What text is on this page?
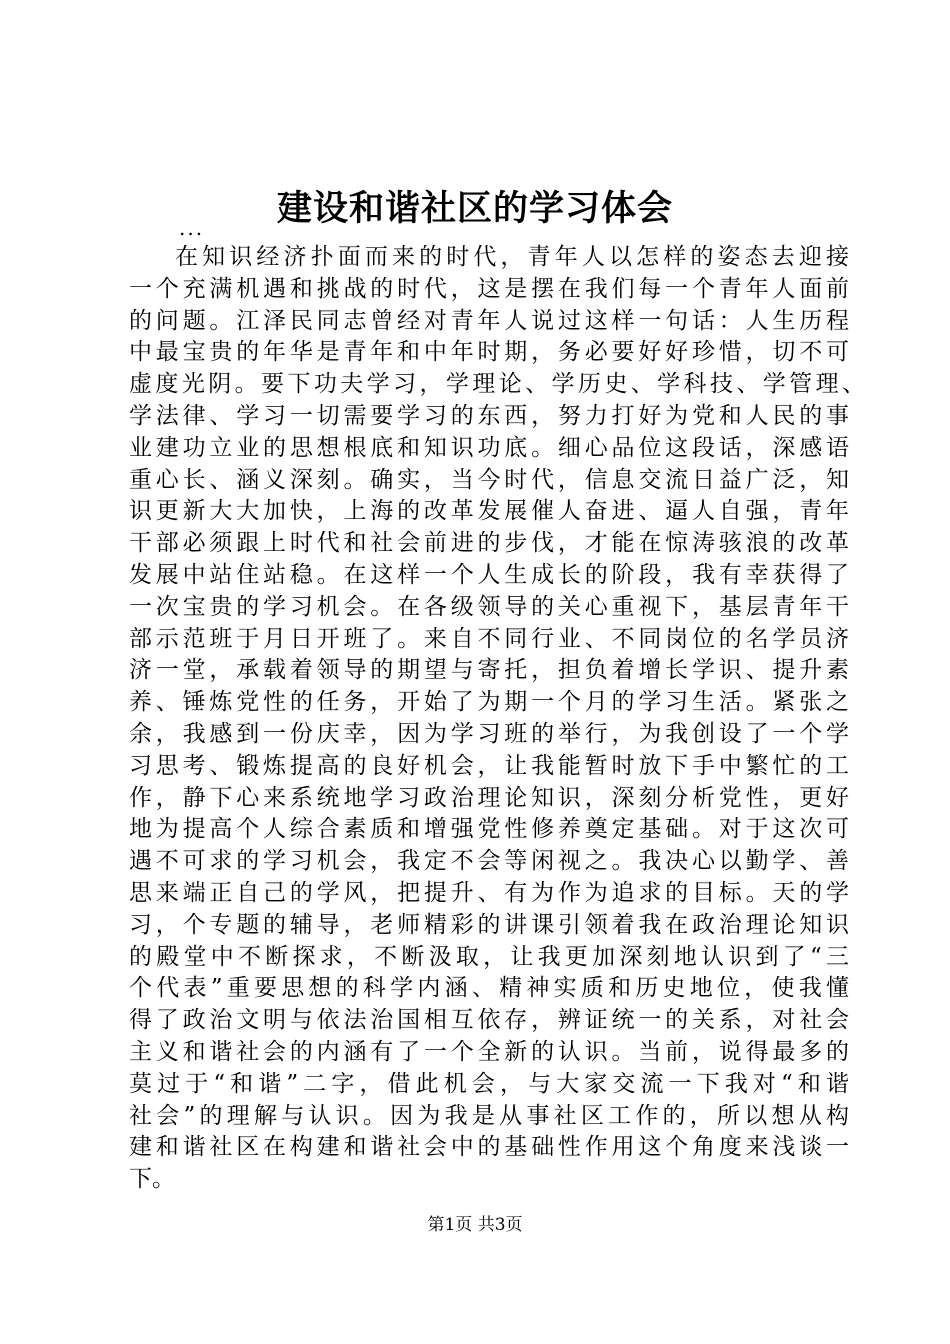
建设和谐社区的学习体会
...
在知识经济扑面而来的时代，青年人以怎样的姿态去迎接
一个充满机遇和挑战的时代，这是摆在我们每一个青年人面前
的问题。江泽民同志曾经对青年人说过这样一句话：人生历程
中最宝贵的年华是青年和中年时期，务必要好好珍惜，切不可
虚度光阴。要下功夫学习，学理论、学历史、学科技、学管理、
学法律、学习一切需要学习的东西，努力打好为党和人民的事
业建功立业的思想根底和知识功底。细心品位这段话，深感语
重心长、涵义深刻。确实，当今时代，信息交流日益广泛，知
识更新大大加快，上海的改革发展催人奋进、逼人自强，青年
干部必须跟上时代和社会前进的步伐，才能在惊涛骇浪的改革
发展中站住站稳。在这样一个人生成长的阶段，我有幸获得了
一次宝贵的学习机会。在各级领导的关心重视下，基层青年干
部示范班于月日开班了。来自不同行业、不同岗位的名学员济
济一堂，承载着领导的期望与寄托，担负着增长学识、提升素
养、锤炼党性的任务，开始了为期一个月的学习生活。紧张之
余，我感到一份庆幸，因为学习班的举行，为我创设了一个学
习思考、锻炼提高的良好机会，让我能暂时放下手中繁忙的工
作，静下心来系统地学习政治理论知识，深刻分析党性，更好
地为提高个人综合素质和增强党性修养奠定基础。对于这次可
遇不可求的学习机会，我定不会等闲视之。我决心以勤学、善
思来端正自己的学风，把提升、有为作为追求的目标。天的学
习，个专题的辅导，老师精彩的讲课引领着我在政治理论知识
的殿堂中不断探求，不断汲取，让我更加深刻地认识到了“三
个代表”重要思想的科学内涵、精神实质和历史地位，使我懂
得了政治文明与依法治国相互依存，辨证统一的关系，对社会
主义和谐社会的内涵有了一个全新的认识。当前，说得最多的
莫过于“和谐”二字，借此机会，与大家交流一下我对“和谐
社会”的理解与认识。因为我是从事社区工作的，所以想从构
建和谐社区在构建和谐社会中的基础性作用这个角度来浅谈一
下。
第1页 共3页
